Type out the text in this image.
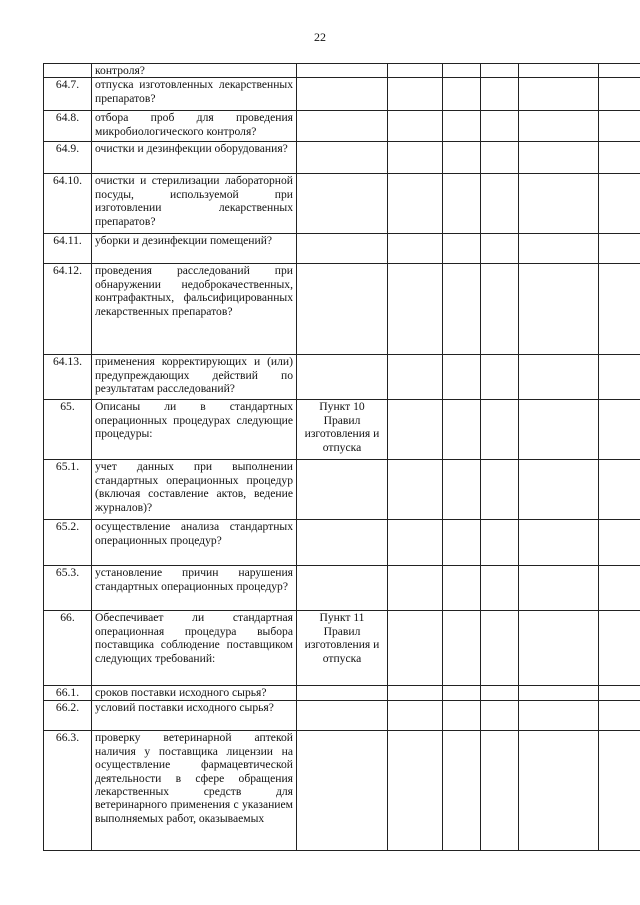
22
	контроля?						
64.7.	отпуска изготовленных лекарственных препаратов?						
64.8.	отбора проб для проведения микробиологического контроля?						
64.9.	очистки и дезинфекции оборудования?						
64.10.	очистки и стерилизации лабораторной посуды, используемой при изготовлении лекарственных препаратов?						
64.11.	уборки и дезинфекции помещений?						
64.12.	проведения расследований при обнаружении недоброкачественных, контрафактных, фальсифицированных лекарственных препаратов?						
64.13.	применения корректирующих и (или) предупреждающих действий по результатам расследований?						
65.	Описаны ли в стандартных операционных процедурах следующие процедуры:	Пункт 10 Правил изготовления и отпуска					
65.1.	учет данных при выполнении стандартных операционных процедур (включая составление актов, ведение журналов)?						
65.2.	осуществление анализа стандартных операционных процедур?						
65.3.	установление причин нарушения стандартных операционных процедур?						
66.	Обеспечивает ли стандартная операционная процедура выбора поставщика соблюдение поставщиком следующих требований:	Пункт 11 Правил изготовления и отпуска					
66.1.	сроков поставки исходного сырья?						
66.2.	условий поставки исходного сырья?						
66.3.	проверку ветеринарной аптекой наличия у поставщика лицензии на осуществление фармацевтической деятельности в сфере обращения лекарственных средств для ветеринарного применения с указанием выполняемых работ, оказываемых						
